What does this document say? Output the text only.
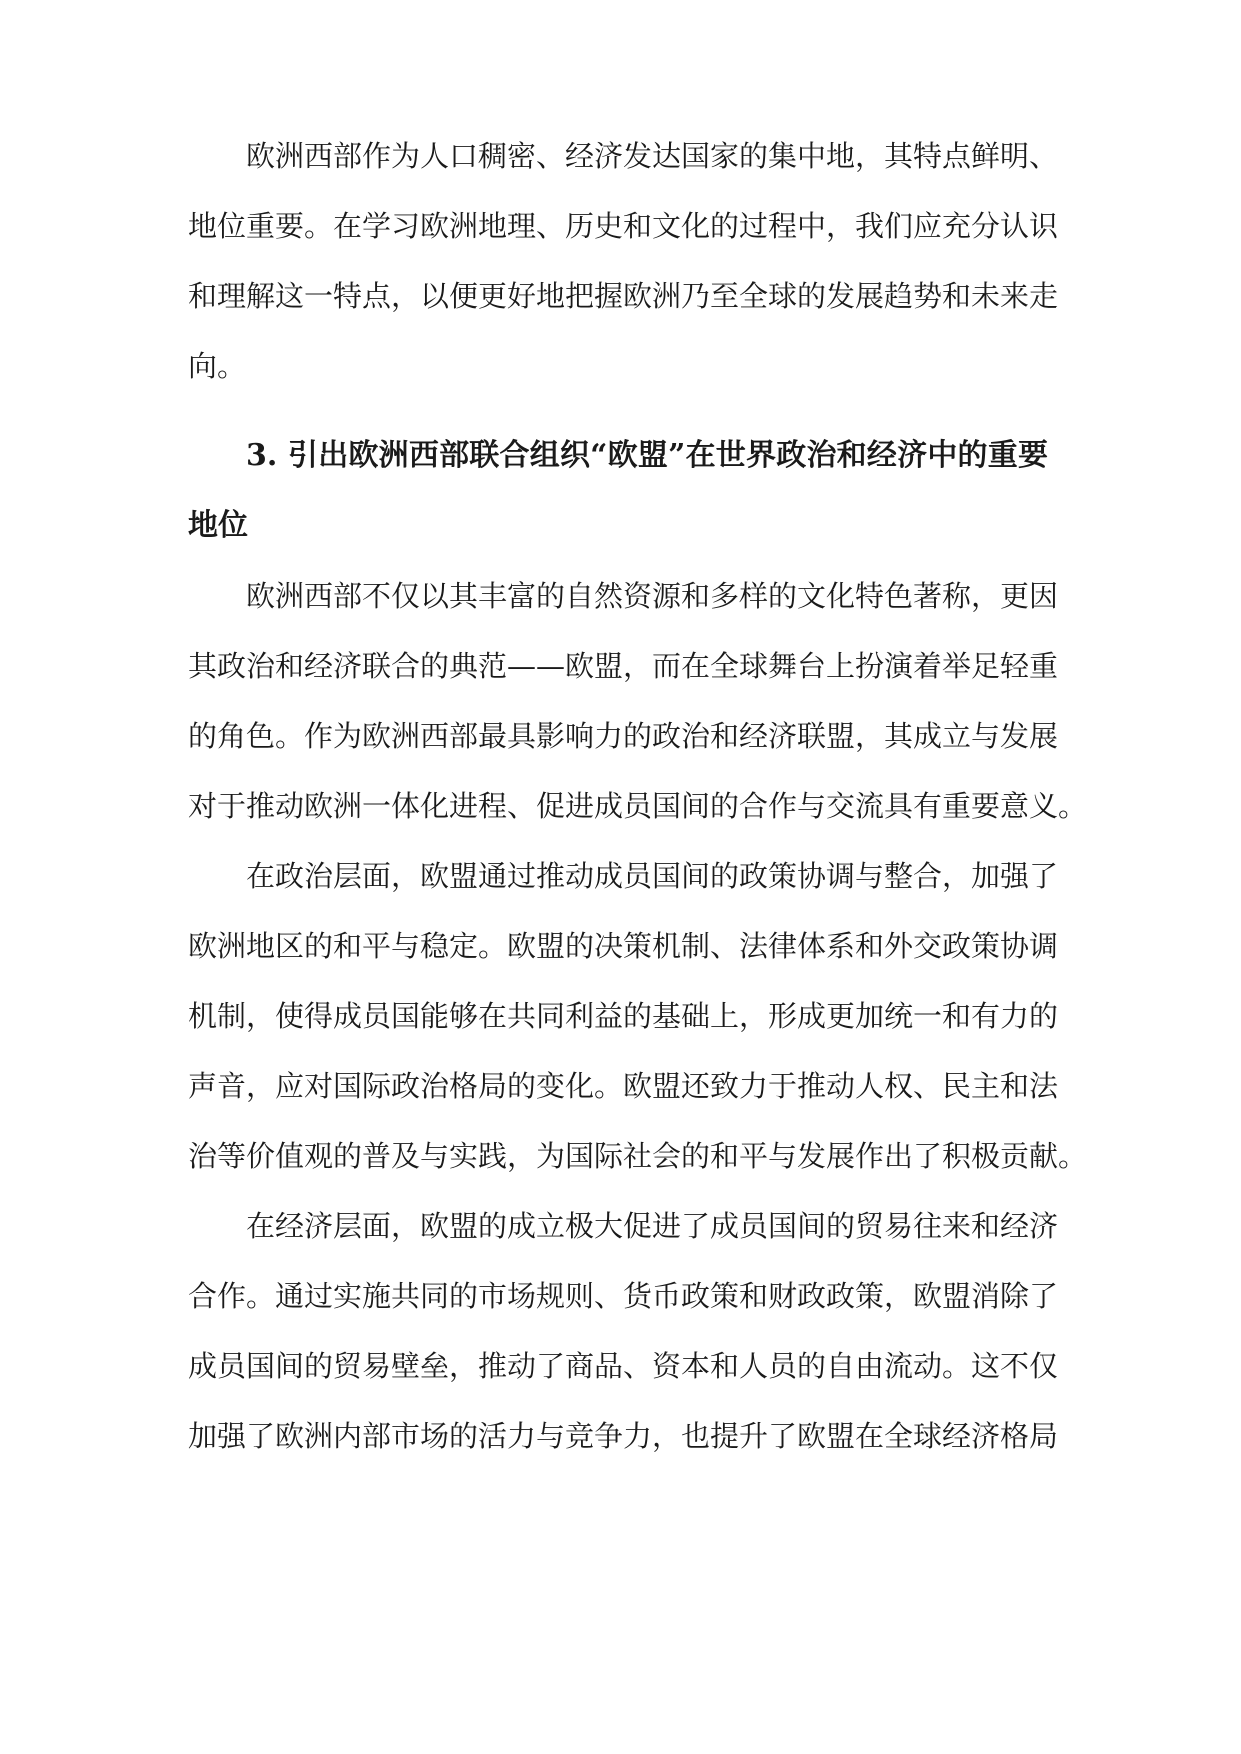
欧洲西部作为人口稠密、经济发达国家的集中地，其特点鲜明、
地位重要。在学习欧洲地理、历史和文化的过程中，我们应充分认识
和理解这一特点，以便更好地把握欧洲乃至全球的发展趋势和未来走
向。
3. 引出欧洲西部联合组织“欧盟”在世界政治和经济中的重要
地位
欧洲西部不仅以其丰富的自然资源和多样的文化特色著称，更因
其政治和经济联合的典范——欧盟，而在全球舞台上扮演着举足轻重
的角色。作为欧洲西部最具影响力的政治和经济联盟，其成立与发展
对于推动欧洲一体化进程、促进成员国间的合作与交流具有重要意义。
在政治层面，欧盟通过推动成员国间的政策协调与整合，加强了
欧洲地区的和平与稳定。欧盟的决策机制、法律体系和外交政策协调
机制，使得成员国能够在共同利益的基础上，形成更加统一和有力的
声音，应对国际政治格局的变化。欧盟还致力于推动人权、民主和法
治等价值观的普及与实践，为国际社会的和平与发展作出了积极贡献。
在经济层面，欧盟的成立极大促进了成员国间的贸易往来和经济
合作。通过实施共同的市场规则、货币政策和财政政策，欧盟消除了
成员国间的贸易壁垒，推动了商品、资本和人员的自由流动。这不仅
加强了欧洲内部市场的活力与竞争力，也提升了欧盟在全球经济格局
